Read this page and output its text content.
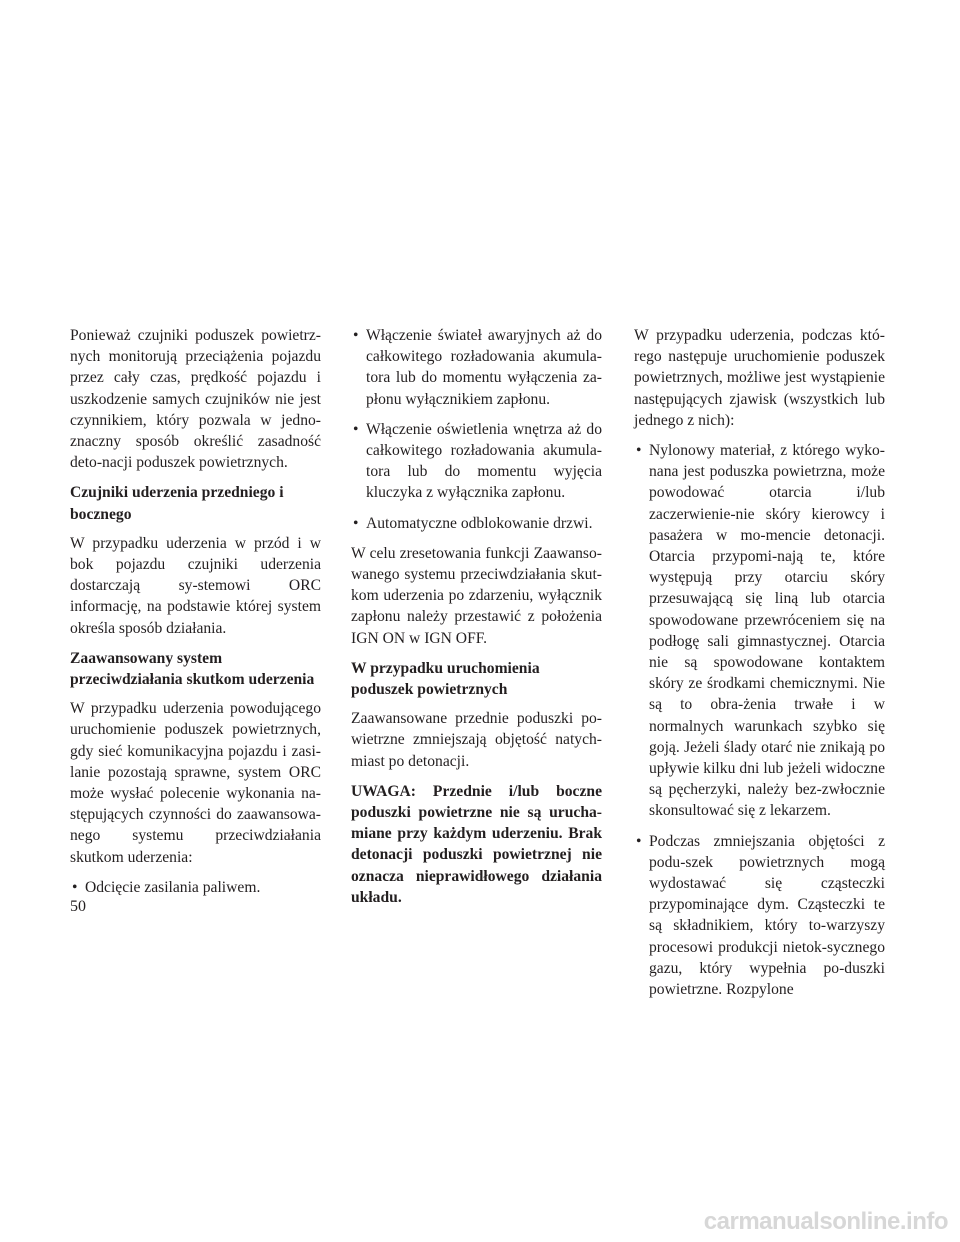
Ponieważ czujniki poduszek powietrz-nych monitorują przeciążenia pojazdu przez cały czas, prędkość pojazdu i uszkodzenie samych czujników nie jest czynnikiem, który pozwala w jedno-znaczny sposób określić zasadność deto-nacji poduszek powietrznych.

Czujniki uderzenia przedniego i bocznego

W przypadku uderzenia w przód i w bok pojazdu czujniki uderzenia dostarczają sy-stemowi ORC informację, na podstawie której system określa sposób działania.

Zaawansowany system przeciwdziałania skutkom uderzenia

W przypadku uderzenia powodującego uruchomienie poduszek powietrznych, gdy sieć komunikacyjna pojazdu i zasi-lanie pozostają sprawne, system ORC może wysłać polecenie wykonania na-stępujących czynności do zaawansowa-nego systemu przeciwdziałania skutkom uderzenia:

• Odcięcie zasilania paliwem.
• Włączenie świateł awaryjnych aż do całkowitego rozładowania akumula-tora lub do momentu wyłączenia za-płonu wyłącznikiem zapłonu.
• Włączenie oświetlenia wnętrza aż do całkowitego rozładowania akumula-tora lub do momentu wyjęcia kluczyka z wyłącznika zapłonu.
• Automatyczne odblokowanie drzwi.

W celu zresetowania funkcji Zaawanso-wanego systemu przeciwdziałania skut-kom uderzenia po zdarzeniu, wyłącznik zapłonu należy przestawić z położenia IGN ON w IGN OFF.

W przypadku uruchomienia poduszek powietrznych

Zaawansowane przednie poduszki po-wietrzne zmniejszają objętość natych-miast po detonacji.

UWAGA: Przednie i/lub boczne poduszki powietrzne nie są urucha-miane przy każdym uderzeniu. Brak detonacji poduszki powietrznej nie oznacza nieprawidłowego działania układu.

W przypadku uderzenia, podczas któ-rego następuje uruchomienie poduszek powietrznych, możliwe jest wystąpienie następujących zjawisk (wszystkich lub jednego z nich):

• Nylonowy materiał, z którego wyko-nana jest poduszka powietrzna, może powodować otarcia i/lub zaczerwienie-nie skóry kierowcy i pasażera w mo-mencie detonacji. Otarcia przypomi-nają te, które występują przy otarciu skóry przesuwającą się liną lub otarcia spowodowane przewróceniem się na podłogę sali gimnastycznej. Otarcia nie są spowodowane kontaktem skóry ze środkami chemicznymi. Nie są to obra-żenia trwałe i w normalnych warunkach szybko się goją. Jeżeli ślady otarć nie znikają po upływie kilku dni lub jeżeli widoczne są pęcherzyki, należy bez-zwłocznie skonsultować się z lekarzem.
• Podczas zmniejszania objętości z podu-szek powietrznych mogą wydostawać się cząsteczki przypominające dym. Cząsteczki te są składnikiem, który to-warzyszy procesowi produkcji nietok-sycznego gazu, który wypełnia po-duszki powietrzne. Rozpylone
50
carmanualsonline.info
